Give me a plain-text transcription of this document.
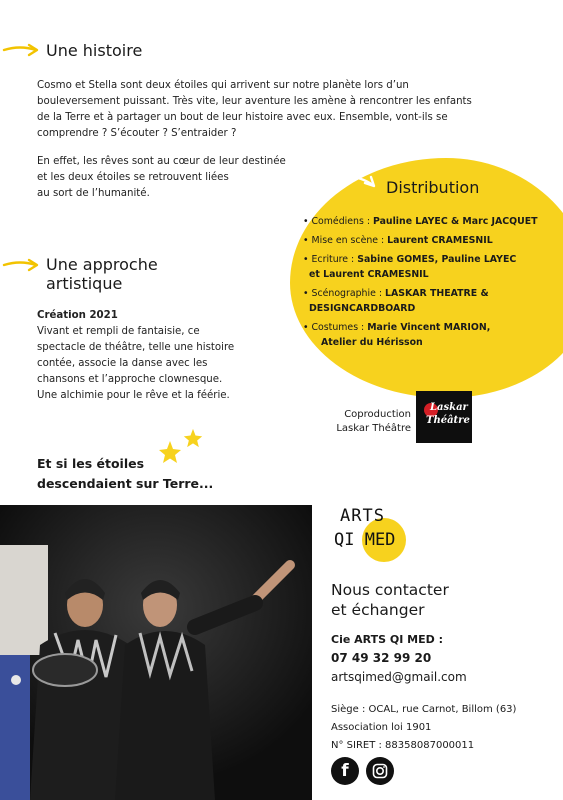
Une histoire
Cosmo et Stella sont deux étoiles qui arrivent sur notre planète lors d’un
bouleversement puissant. Très vite, leur aventure les amène à rencontrer les enfants
de la Terre et à partager un bout de leur histoire avec eux. Ensemble, vont-ils se
comprendre ? S’écouter ? S’entraider ?
En effet, les rêves sont au cœur de leur destinée
et les deux étoiles se retrouvent liées
au sort de l’humanité.
Une approche
artistique
Création 2021
Vivant et rempli de fantaisie, ce
spectacle de théâtre, telle une histoire
contée, associe la danse avec les
chansons et l’approche clownesque.
Une alchimie pour le rêve et la féérie.
Distribution
• Comédiens : Pauline LAYEC & Marc JACQUET
• Mise en scène : Laurent CRAMESNIL
• Ecriture : Sabine GOMES, Pauline LAYEC
et Laurent CRAMESNIL
• Scénographie : LASKAR THEATRE &
DESIGNCARDBOARD
• Costumes : Marie Vincent MARION,
Atelier du Hérisson
Coproduction
Laskar Théâtre
Laskar
Théâtre
Et si les étoiles
descendaient sur Terre...
ARTS
QI MED
Nous contacter
et échanger
Cie ARTS QI MED :
07 49 32 99 20
artsqimed@gmail.com
Siège : OCAL, rue Carnot, Billom (63)
Association loi 1901
N° SIRET : 88358087000011
f
